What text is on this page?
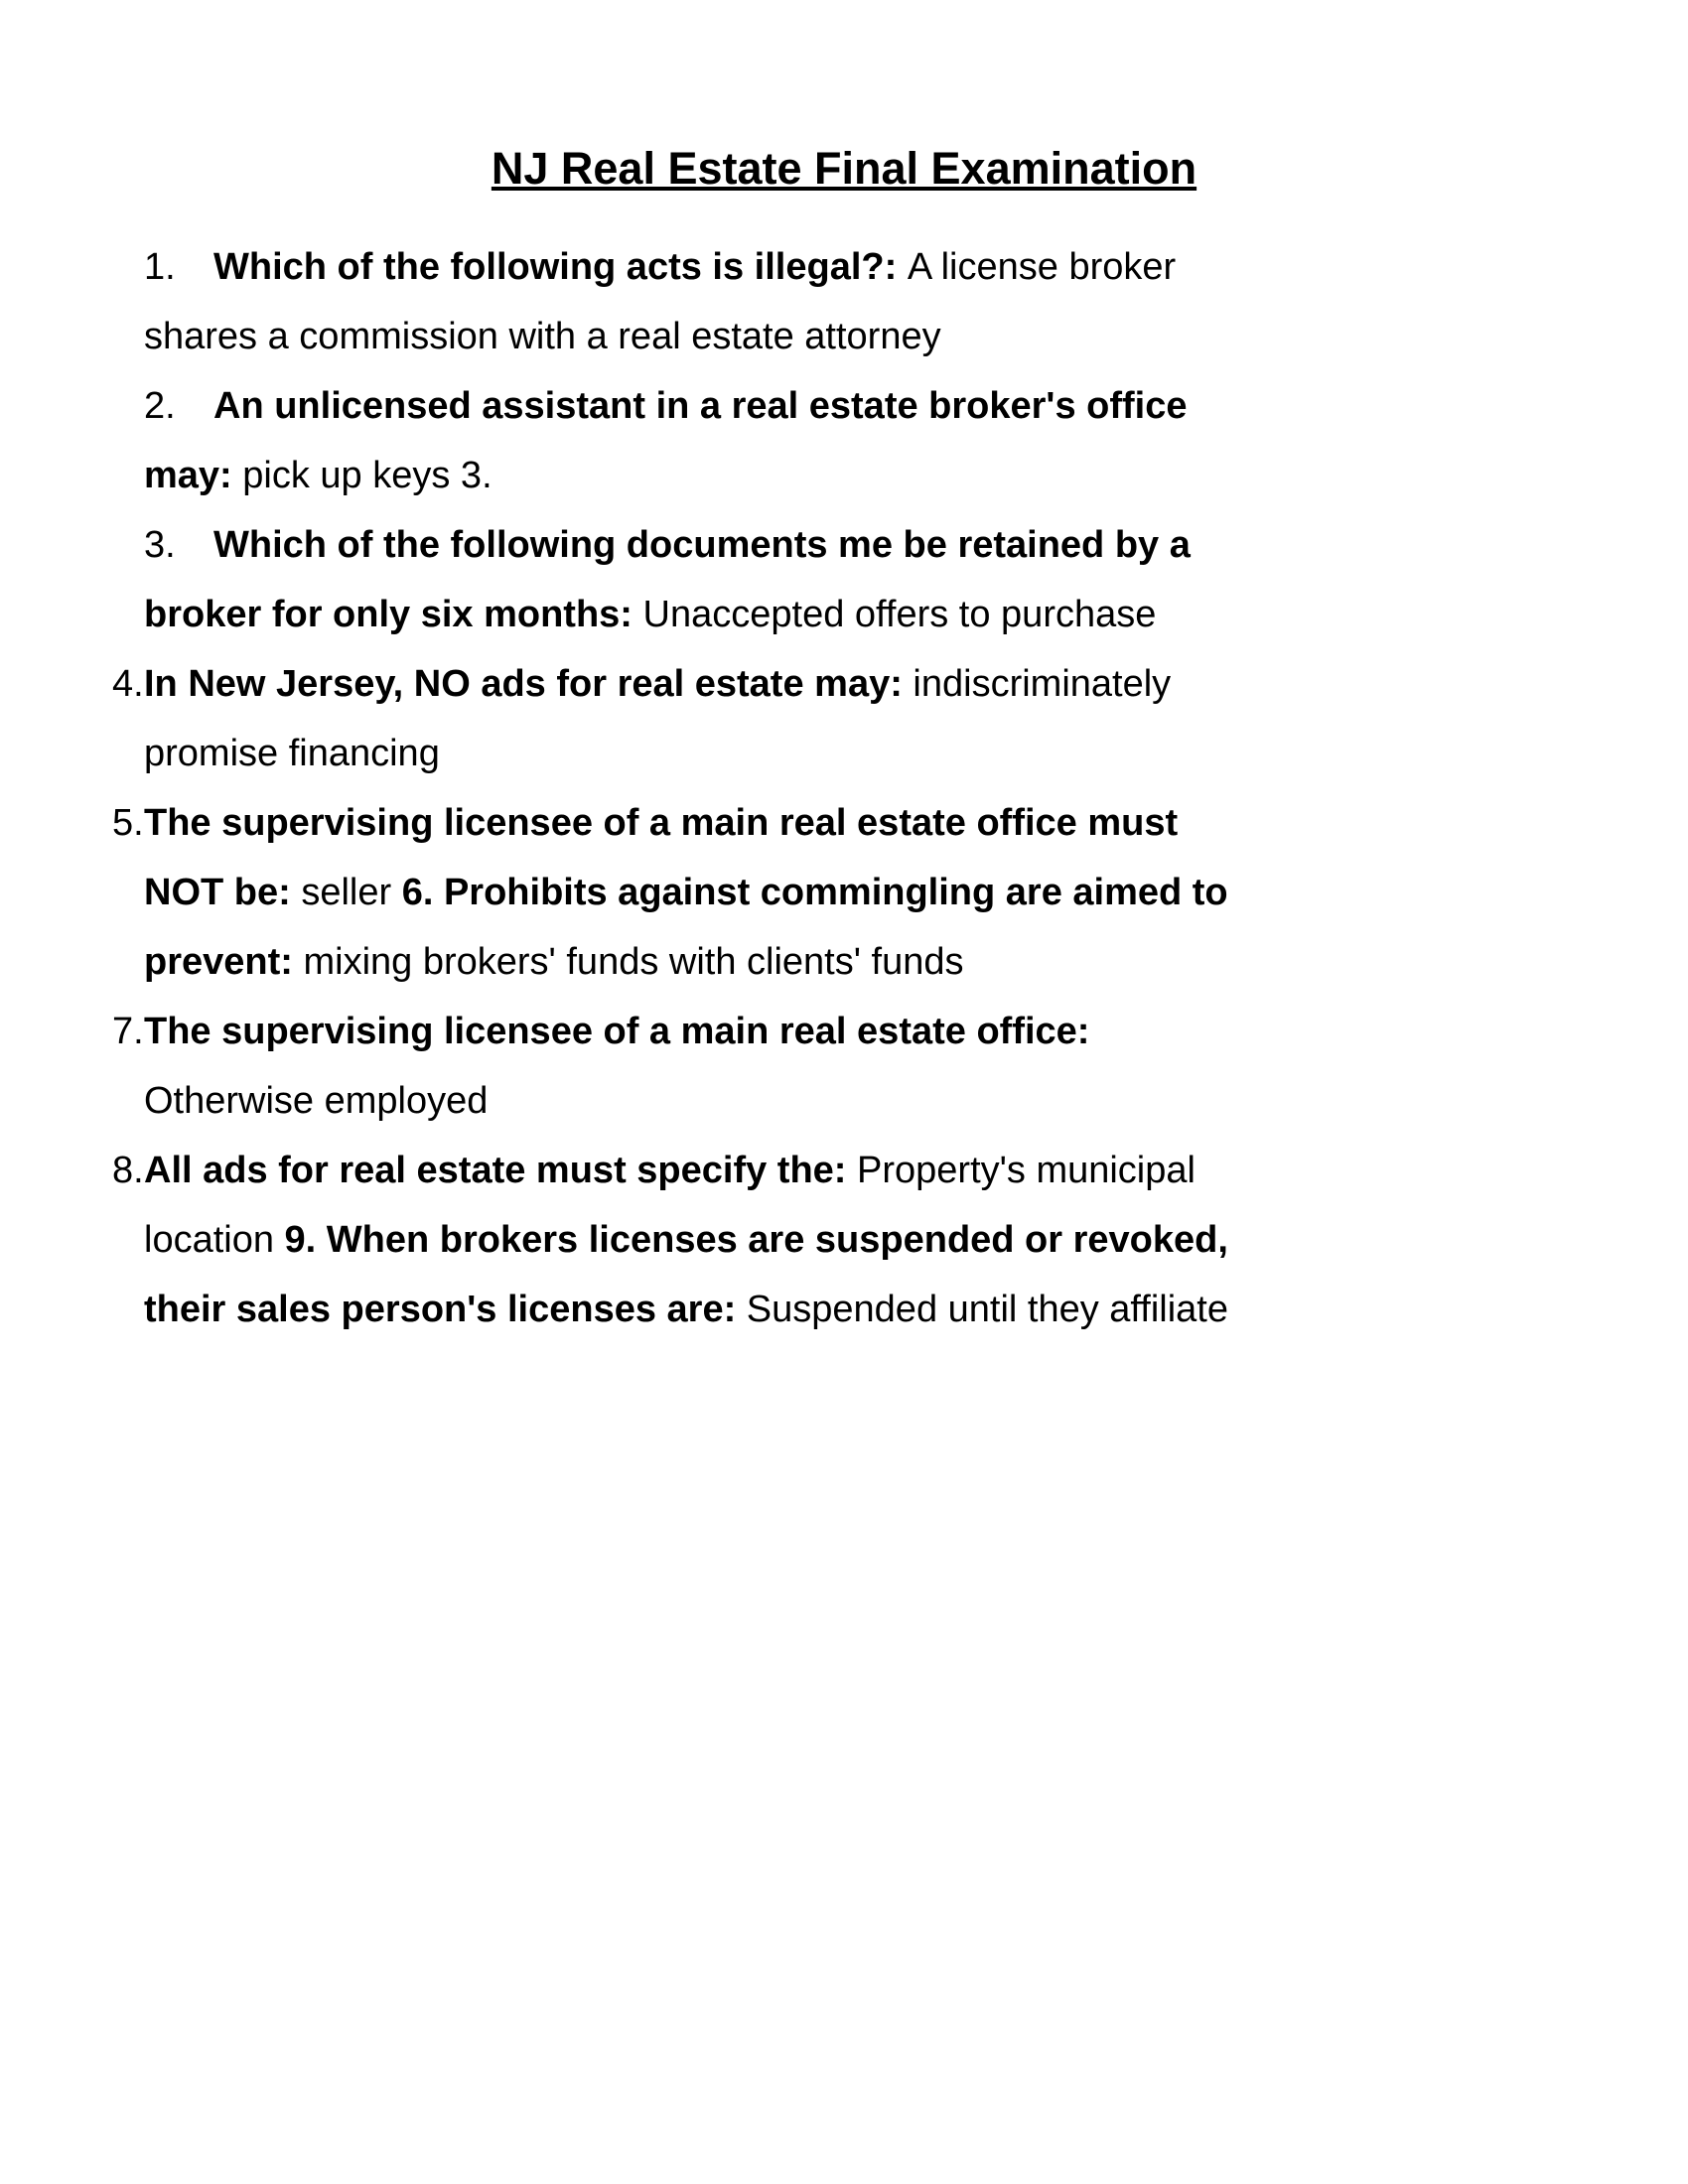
NJ Real Estate Final Examination
1. Which of the following acts is illegal?: A license broker
shares a commission with a real estate attorney
2. An unlicensed assistant in a real estate broker's office
may: pick up keys 3.
3. Which of the following documents me be retained by a
broker for only six months: Unaccepted offers to purchase
4.In New Jersey, NO ads for real estate may: indiscriminately
promise financing
5.The supervising licensee of a main real estate office must
NOT be: seller 6. Prohibits against commingling are aimed to
prevent: mixing brokers' funds with clients' funds
7.The supervising licensee of a main real estate office:
Otherwise employed
8.All ads for real estate must specify the: Property's municipal
location 9. When brokers licenses are suspended or revoked,
their sales person's licenses are: Suspended until they affiliate
